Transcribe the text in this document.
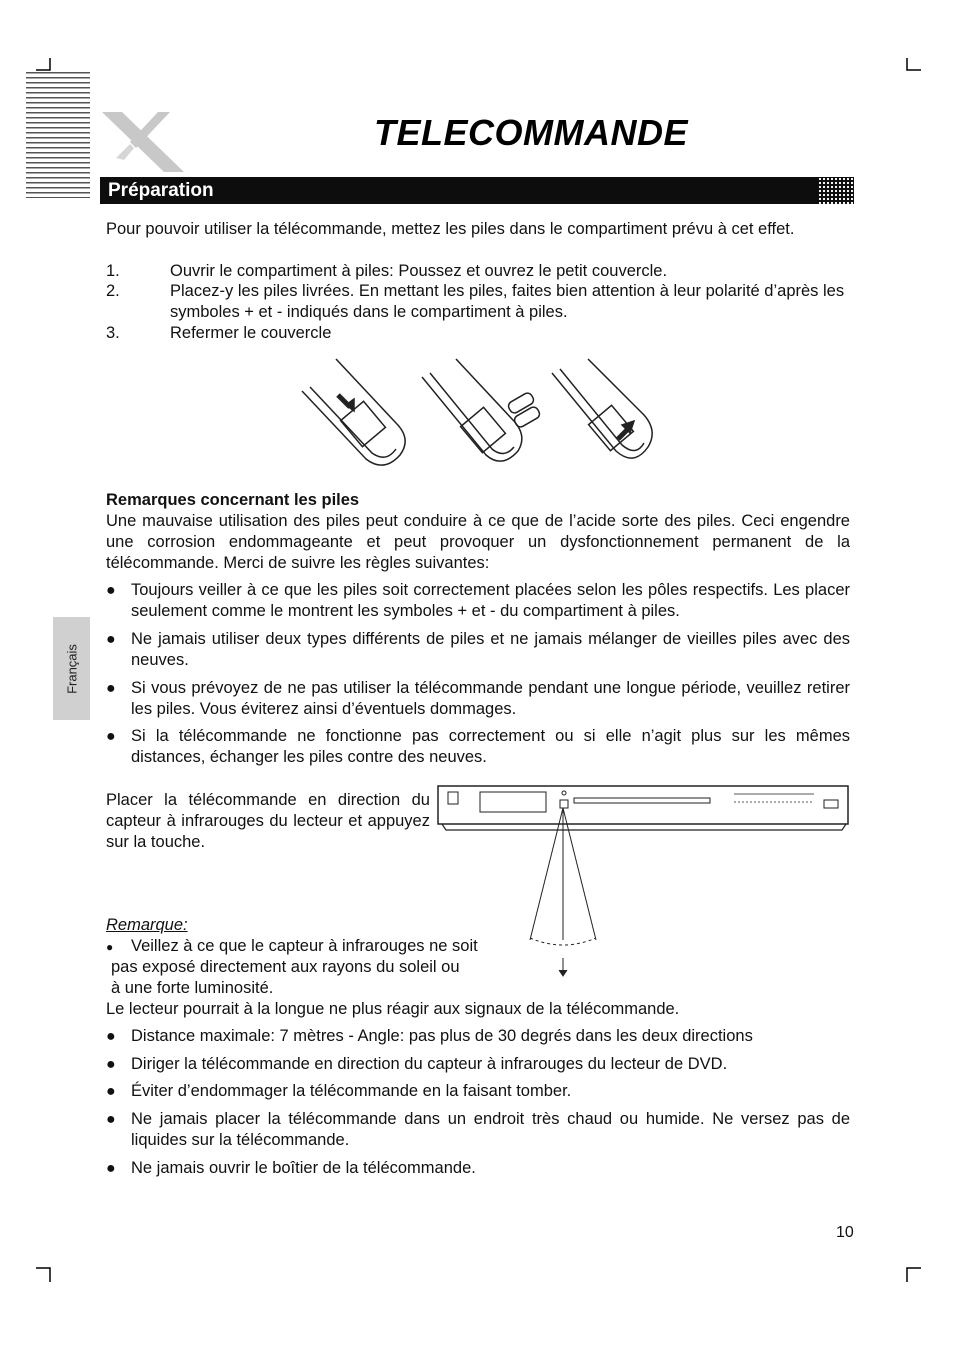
TELECOMMANDE
Préparation
Français
Pour pouvoir utiliser la télécommande, mettez les piles dans le compartiment prévu à cet effet.
1.	Ouvrir le compartiment à piles: Poussez et ouvrez le petit couvercle.
2.	Placez-y les piles livrées. En mettant les piles, faites bien attention à leur polarité d’après les symboles + et - indiqués dans le compartiment à piles.
3.	Refermer le couvercle
Remarques concernant les piles
Une mauvaise utilisation des piles peut conduire à ce que de l’acide sorte des piles. Ceci engendre une corrosion endommageante et peut provoquer un dysfonctionnement permanent de la télécommande. Merci de suivre les règles suivantes:
● Toujours veiller à ce que les piles soit correctement placées selon les pôles respectifs. Les placer seulement comme le montrent les symboles + et - du compartiment à piles.
● Ne jamais utiliser deux types différents de piles et ne jamais mélanger de vieilles piles avec des neuves.
● Si vous prévoyez de ne pas utiliser la télécommande pendant une longue période, veuillez retirer les piles. Vous éviterez ainsi d’éventuels dommages.
● Si la télécommande ne fonctionne pas correctement ou si elle n’agit plus sur les mêmes distances, échanger les piles contre des neuves.
Placer la télécommande en direction du capteur à infrarouges du lecteur et appuyez sur la touche.
Remarque:
● Veillez à ce que le capteur à infrarouges ne soit
pas exposé directement aux rayons du soleil ou
à une forte luminosité.
Le lecteur pourrait à la longue ne plus réagir aux signaux de la télécommande.
● Distance maximale: 7 mètres - Angle: pas plus de 30 degrés dans les deux directions
● Diriger la télécommande en direction du capteur à infrarouges du lecteur de DVD.
● Éviter d’endommager la télécommande en la faisant tomber.
● Ne jamais placer la télécommande dans un endroit très chaud ou humide. Ne versez pas de liquides sur la télécommande.
● Ne jamais ouvrir le boîtier de la télécommande.
10
